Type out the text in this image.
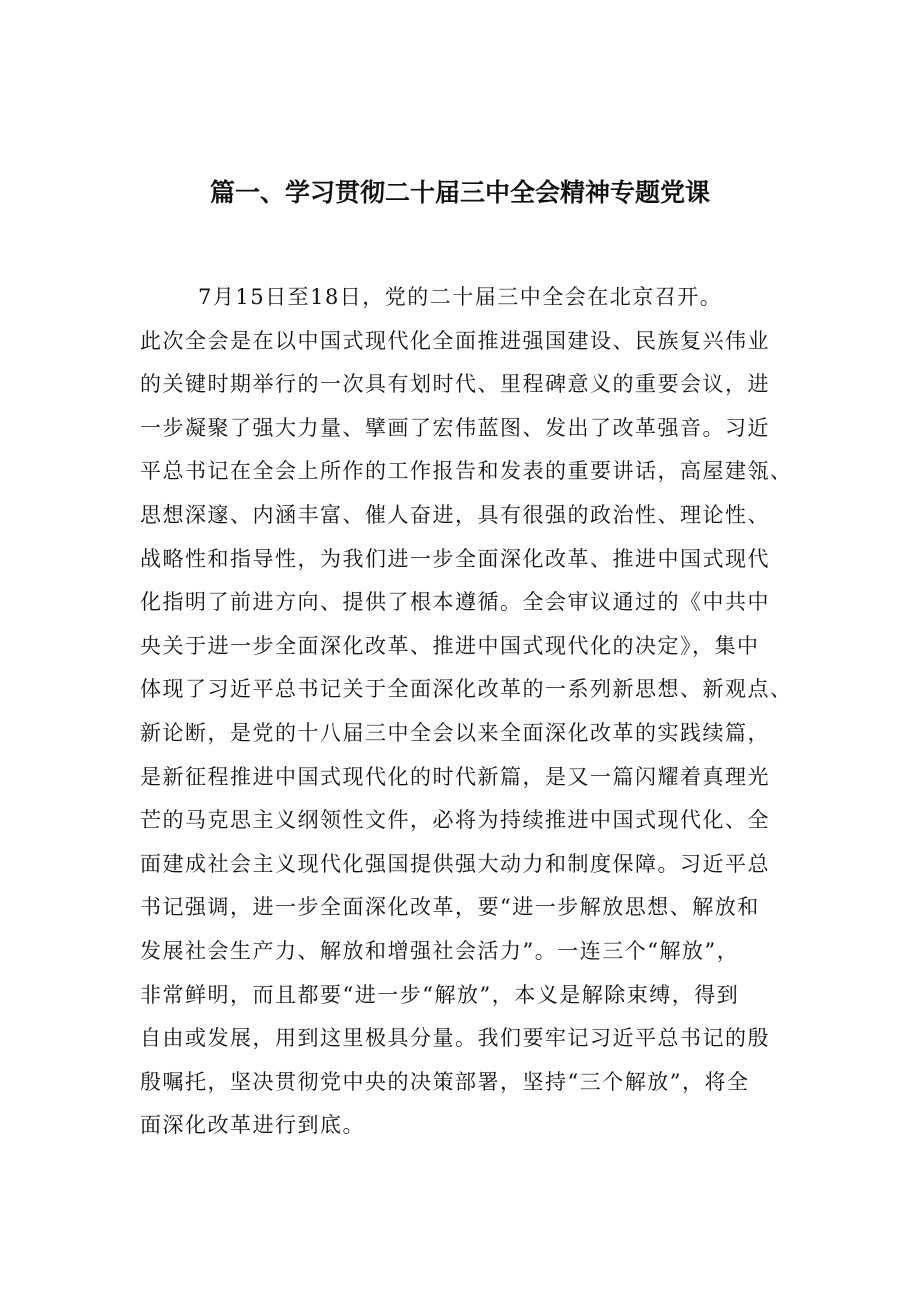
篇一、学习贯彻二十届三中全会精神专题党课
7月15日至18日，党的二十届三中全会在北京召开。
此次全会是在以中国式现代化全面推进强国建设、民族复兴伟业
的关键时期举行的一次具有划时代、里程碑意义的重要会议，进
一步凝聚了强大力量、擘画了宏伟蓝图、发出了改革强音。习近
平总书记在全会上所作的工作报告和发表的重要讲话，高屋建瓴、
思想深邃、内涵丰富、催人奋进，具有很强的政治性、理论性、
战略性和指导性，为我们进一步全面深化改革、推进中国式现代
化指明了前进方向、提供了根本遵循。全会审议通过的《中共中
央关于进一步全面深化改革、推进中国式现代化的决定》，集中
体现了习近平总书记关于全面深化改革的一系列新思想、新观点、
新论断，是党的十八届三中全会以来全面深化改革的实践续篇，
是新征程推进中国式现代化的时代新篇，是又一篇闪耀着真理光
芒的马克思主义纲领性文件，必将为持续推进中国式现代化、全
面建成社会主义现代化强国提供强大动力和制度保障。习近平总
书记强调，进一步全面深化改革，要“进一步解放思想、解放和
发展社会生产力、解放和增强社会活力”。一连三个“解放”，
非常鲜明，而且都要“进一步“解放”，本义是解除束缚，得到
自由或发展，用到这里极具分量。我们要牢记习近平总书记的殷
殷嘱托，坚决贯彻党中央的决策部署，坚持“三个解放”，将全
面深化改革进行到底。
